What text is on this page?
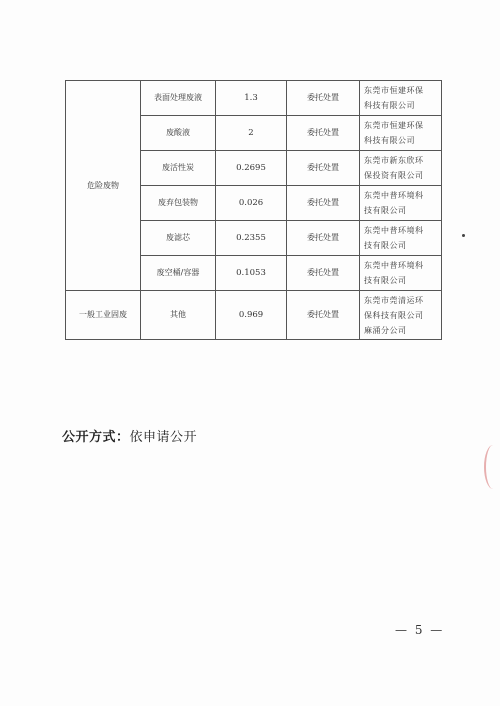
危险废物	表面处理废液	1.3	委托处置	东莞市恒建环保
科技有限公司

	废酸液	2	委托处置	东莞市恒建环保
科技有限公司

	废活性炭	0.2695	委托处置	东莞市新东欣环
保投资有限公司

	废弃包装物	0.026	委托处置	东莞中普环境科
技有限公司

	废滤芯	0.2355	委托处置	东莞中普环境科
技有限公司

	废空桶/容器	0.1053	委托处置	东莞中普环境科
技有限公司

一般工业固废	其他	0.969	委托处置	东莞市莞清运环
保科技有限公司
麻涌分公司
公开方式：依申请公开
— 5 —
